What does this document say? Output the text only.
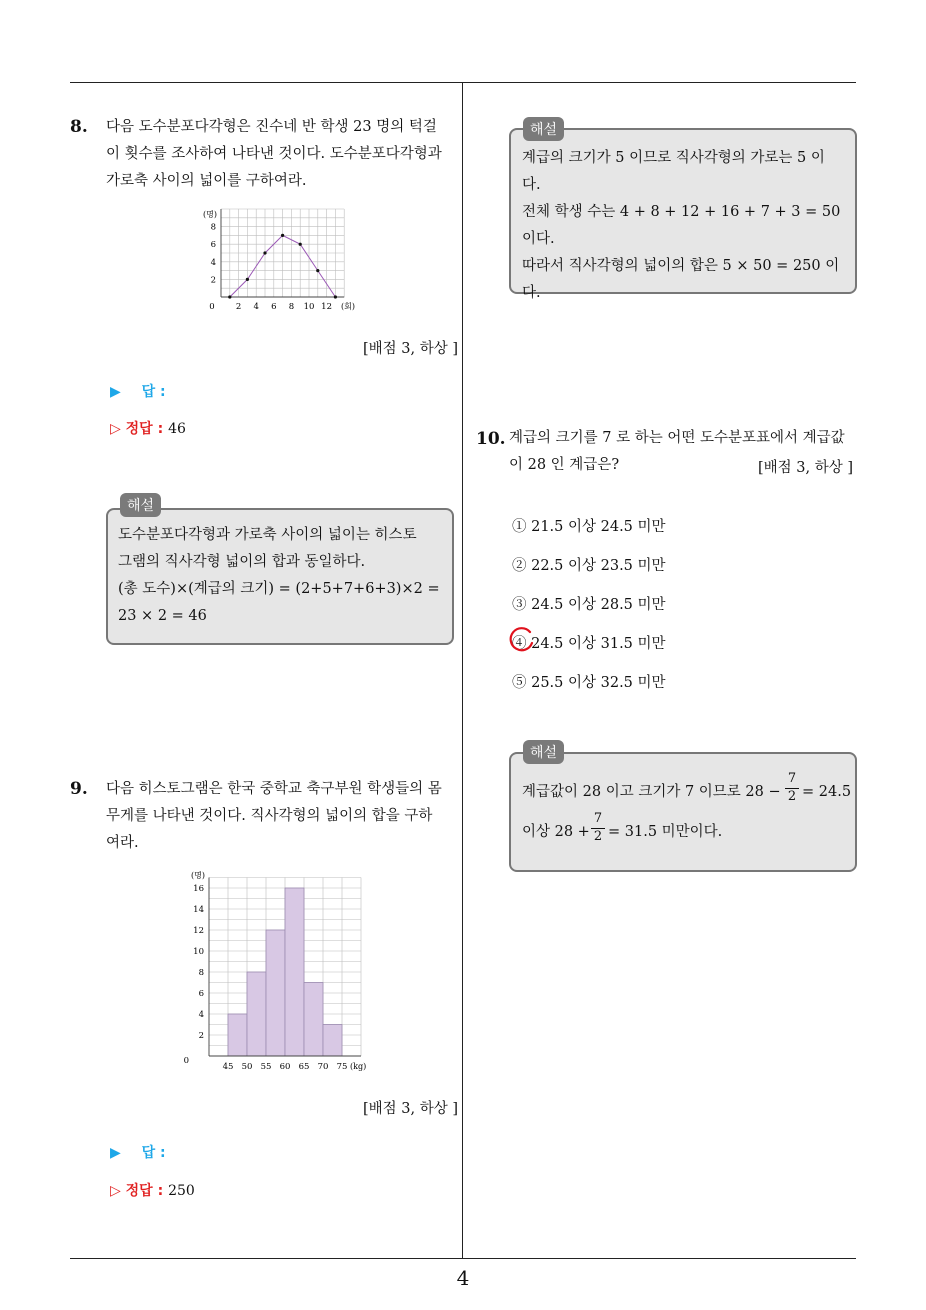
4
8. 다음 도수분포다각형은 진수네 반 학생 23 명의 턱걸
이 횟수를 조사하여 나타낸 것이다. 도수분포다각형과
가로축 사이의 넓이를 구하여라.
(명)
(회)
0 2 4 6 8 10 12
2
4
6
8
[배점 3, 하상 ]
▶ 답 :
▷ 정답 : 46
해설
도수분포다각형과 가로축 사이의 넓이는 히스토
그램의 직사각형 넓이의 합과 동일하다.
(총 도수)×(계급의 크기) = (2+5+7+6+3)×2 =
23 × 2 = 46
9. 다음 히스토그램은 한국 중학교 축구부원 학생들의 몸
무게를 나타낸 것이다. 직사각형의 넓이의 합을 구하
여라.
(명)
(kg)
45 50 55 60 65 70 75
0
2
4
6
8
10
12
14
16
[배점 3, 하상 ]
▶ 답 :
▷ 정답 : 250
해설
계급의 크기가 5 이므로 직사각형의 가로는 5 이
다.
전체 학생 수는 4 + 8 + 12 + 16 + 7 + 3 = 50 이다.
따라서 직사각형의 넓이의 합은 5 × 50 = 250 이
다.
10. 계급의 크기를 7 로 하는 어떤 도수분포표에서 계급값
이 28 인 계급은?	[배점 3, 하상 ]
① 21.5 이상 24.5 미만
② 22.5 이상 23.5 미만
③ 24.5 이상 28.5 미만
④ 24.5 이상 31.5 미만
⑤ 25.5 이상 32.5 미만
해설
계급값이 28 이고 크기가 7 이므로 $28 - \frac{7}{2} = 24.5$
이상 $28 + \frac{7}{2} = 31.5$ 미만이다.
